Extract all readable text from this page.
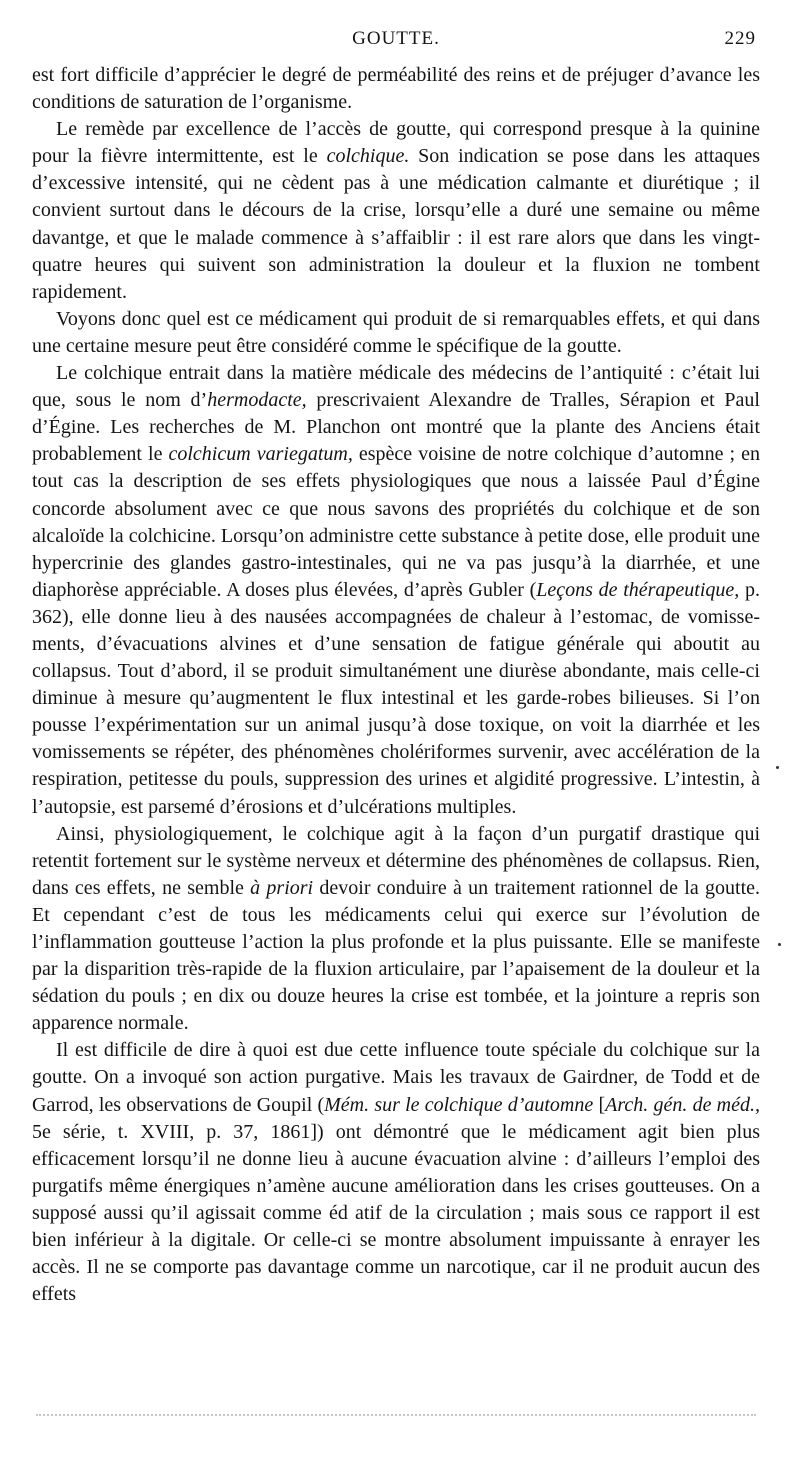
GOUTTE.	229

est fort difficile d’apprécier le degré de perméabilité des reins et de préjuger d’avance les conditions de saturation de l’organisme.

Le remède par excellence de l’accès de goutte, qui correspond presque à la quinine pour la fièvre intermittente, est le colchique. Son indication se pose dans les attaques d’excessive intensité, qui ne cèdent pas à une médication calmante et diurétique ; il convient surtout dans le décours de la crise, lorsqu’elle a duré une semaine ou même davantge, et que le malade commence à s’affaiblir : il est rare alors que dans les vingt-quatre heures qui suivent son administration la douleur et la fluxion ne tombent rapidement.

Voyons donc quel est ce médicament qui produit de si remarquables effets, et qui dans une certaine mesure peut être considéré comme le spécifique de la goutte.

Le colchique entrait dans la matière médicale des médecins de l’antiquité : c’était lui que, sous le nom d’hermodacte, prescrivaient Alexandre de Tralles, Sérapion et Paul d’Égine. Les recherches de M. Planchon ont montré que la plante des Anciens était probablement le colchicum variegatum, espèce voisine de notre colchique d’automne ; en tout cas la description de ses effets physiologiques que nous a laissée Paul d’Égine concorde absolument avec ce que nous savons des propriétés du colchique et de son alcaloïde la colchicine. Lorsqu’on administre cette substance à petite dose, elle produit une hypercrinie des glandes gastro-intestinales, qui ne va pas jusqu’à la diarrhée, et une diaphorèse appréciable. A doses plus élevées, d’après Gubler (Leçons de thérapeutique, p. 362), elle donne lieu à des nausées accompagnées de chaleur à l’estomac, de vomissements, d’évacuations alvines et d’une sensation de fatigue générale qui aboutit au collapsus. Tout d’abord, il se produit simultanément une diurèse abondante, mais celle-ci diminue à mesure qu’augmentent le flux intestinal et les garde-robes bilieuses. Si l’on pousse l’expérimentation sur un animal jusqu’à dose toxique, on voit la diarrhée et les vomissements se répéter, des phénomènes cholériformes survenir, avec accélération de la respiration, petitesse du pouls, suppression des urines et algidité progressive. L’intestin, à l’autopsie, est parsemé d’érosions et d’ulcérations multiples.

Ainsi, physiologiquement, le colchique agit à la façon d’un purgatif drastique qui retentit fortement sur le système nerveux et détermine des phénomènes de collapsus. Rien, dans ces effets, ne semble à priori devoir conduire à un traitement rationnel de la goutte. Et cependant c’est de tous les médicaments celui qui exerce sur l’évolution de l’inflammation goutteuse l’action la plus profonde et la plus puissante. Elle se manifeste par la disparition très-rapide de la fluxion articulaire, par l’apaisement de la douleur et la sédation du pouls ; en dix ou douze heures la crise est tombée, et la jointure a repris son apparence normale.

Il est difficile de dire à quoi est due cette influence toute spéciale du colchique sur la goutte. On a invoqué son action purgative. Mais les travaux de Gairdner, de Todd et de Garrod, les observations de Goupil (Mém. sur le colchique d’automne [Arch. gén. de méd., 5e série, t. XVIII, p. 37, 1861]) ont démontré que le médicament agit bien plus efficacement lorsqu’il ne donne lieu à aucune évacuation alvine : d’ailleurs l’emploi des purgatifs même énergiques n’amène aucune amélioration dans les crises goutteuses. On a supposé aussi qu’il agissait comme éd atif de la circulation ; mais sous ce rapport il est bien inférieur à la digitale. Or celle-ci se montre absolument impuissante à enrayer les accès. Il ne se comporte pas davantage comme un narcotique, car il ne produit aucun des effets
